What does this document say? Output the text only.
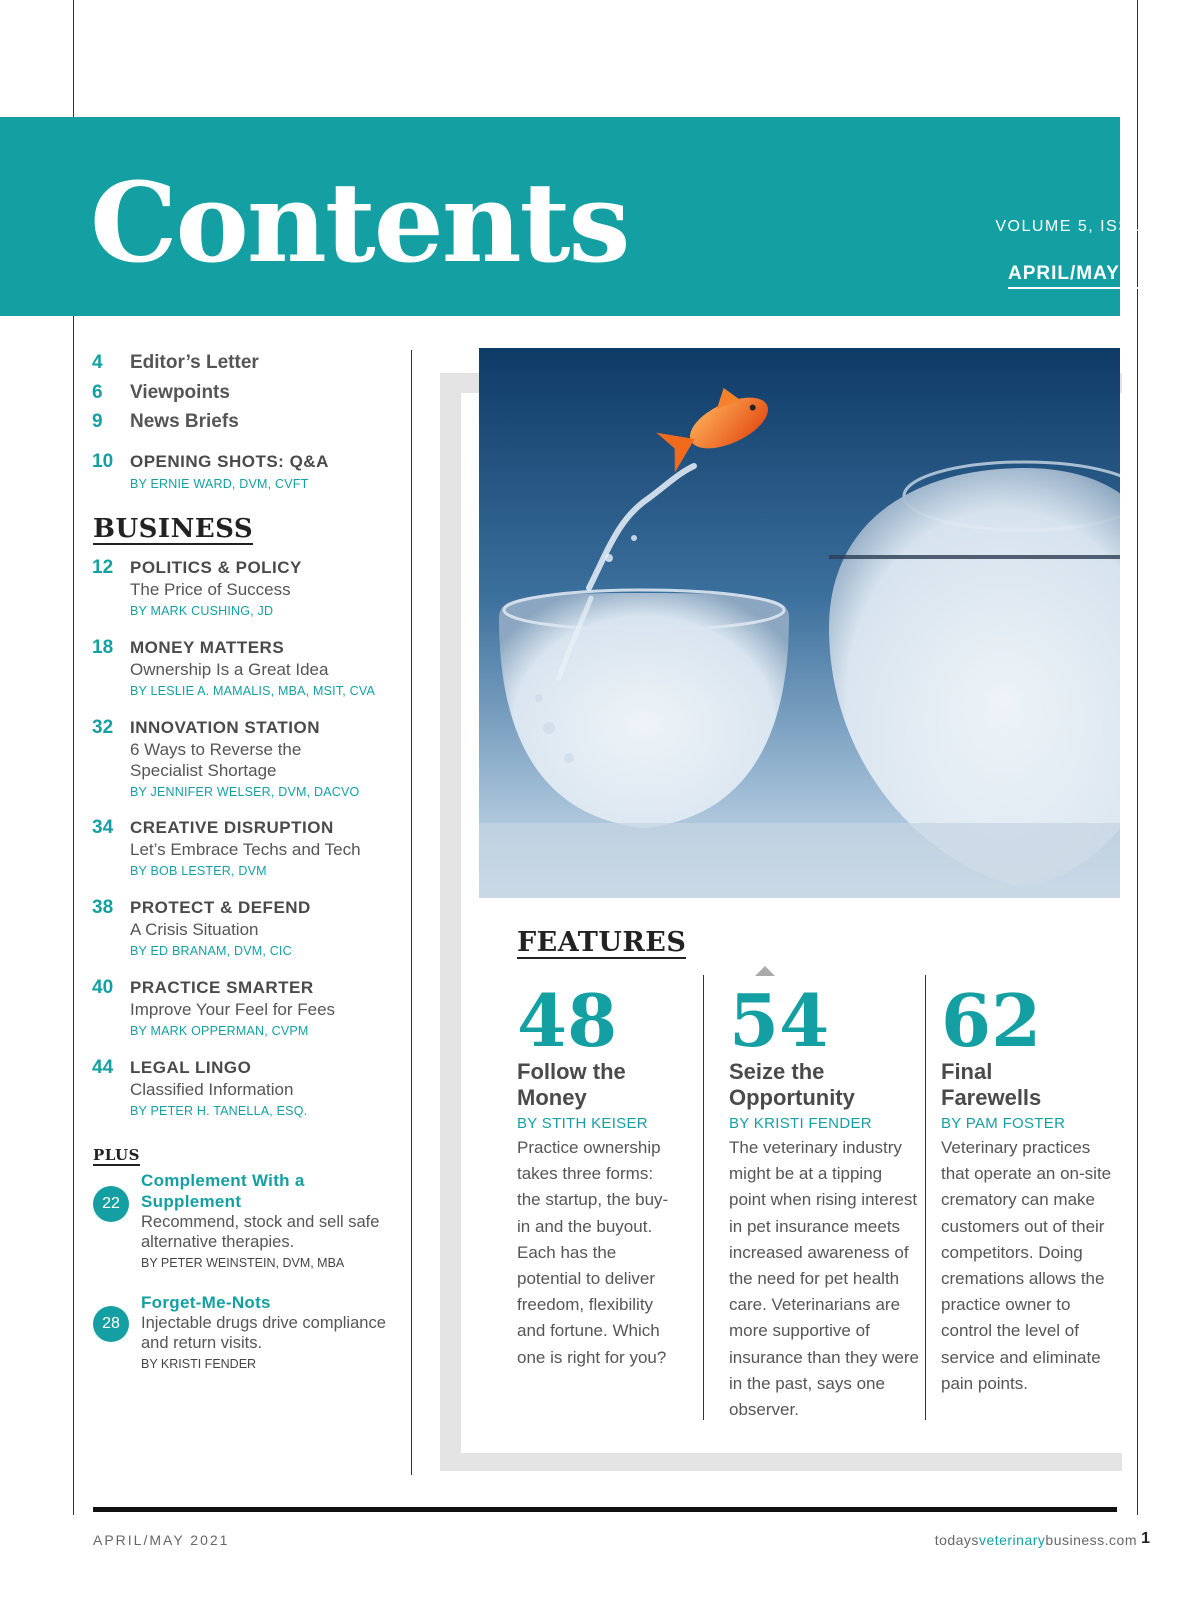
Contents	VOLUME 5, ISSUE 2
APRIL/MAY 2021
4 Editor’s Letter
6 Viewpoints
9 News Briefs
10 OPENING SHOTS: Q&A
BY ERNIE WARD, DVM, CVFT
BUSINESS
12 POLITICS & POLICY
The Price of Success
BY MARK CUSHING, JD
18 MONEY MATTERS
Ownership Is a Great Idea
BY LESLIE A. MAMALIS, MBA, MSIT, CVA
32 INNOVATION STATION
6 Ways to Reverse the Specialist Shortage
BY JENNIFER WELSER, DVM, DACVO
34 CREATIVE DISRUPTION
Let’s Embrace Techs and Tech
BY BOB LESTER, DVM
38 PROTECT & DEFEND
A Crisis Situation
BY ED BRANAM, DVM, CIC
40 PRACTICE SMARTER
Improve Your Feel for Fees
BY MARK OPPERMAN, CVPM
44 LEGAL LINGO
Classified Information
BY PETER H. TANELLA, ESQ.
PLUS
22
Complement With a Supplement
Recommend, stock and sell safe alternative therapies.
BY PETER WEINSTEIN, DVM, MBA
28
Forget-Me-Nots
Injectable drugs drive compliance and return visits.
BY KRISTI FENDER
FEATURES
48
Follow the Money
BY STITH KEISER
Practice ownership takes three forms: the startup, the buy-in and the buyout. Each has the potential to deliver freedom, flexibility and fortune. Which one is right for you?
54
Seize the Opportunity
BY KRISTI FENDER
The veterinary industry might be at a tipping point when rising interest in pet insurance meets increased awareness of the need for pet health care. Veterinarians are more supportive of insurance than they were in the past, says one observer.
62
Final Farewells
BY PAM FOSTER
Veterinary practices that operate an on-site crematory can make customers out of their competitors. Doing cremations allows the practice owner to control the level of service and eliminate pain points.
APRIL/MAY 2021	todaysveterinarybusiness.com 1
